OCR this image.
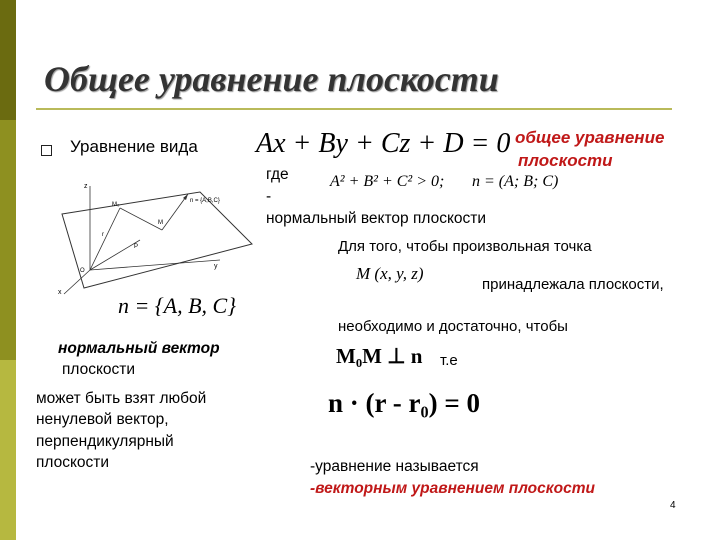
Общее уравнение плоскости
Уравнение вида Ax + By + Cz + D = 0 общее уравнение
плоскости
где	A² + B² + C² > 0; n = (A; B; C)
-
нормальный вектор плоскости
Для того, чтобы произвольная точка
M (x, y, z)
принадлежала плоскости,
необходимо и достаточно, чтобы
n = {A, B, C}
нормальный вектор
плоскости
может быть взят любой
ненулевой вектор,
перпендикулярный
плоскости
M₀M ⊥ n т.е
n · (r - r₀) = 0
-уравнение называется
-векторным уравнением плоскости
4
z
n = {A,B,C}
M₀
r
M
P
y
x
O
